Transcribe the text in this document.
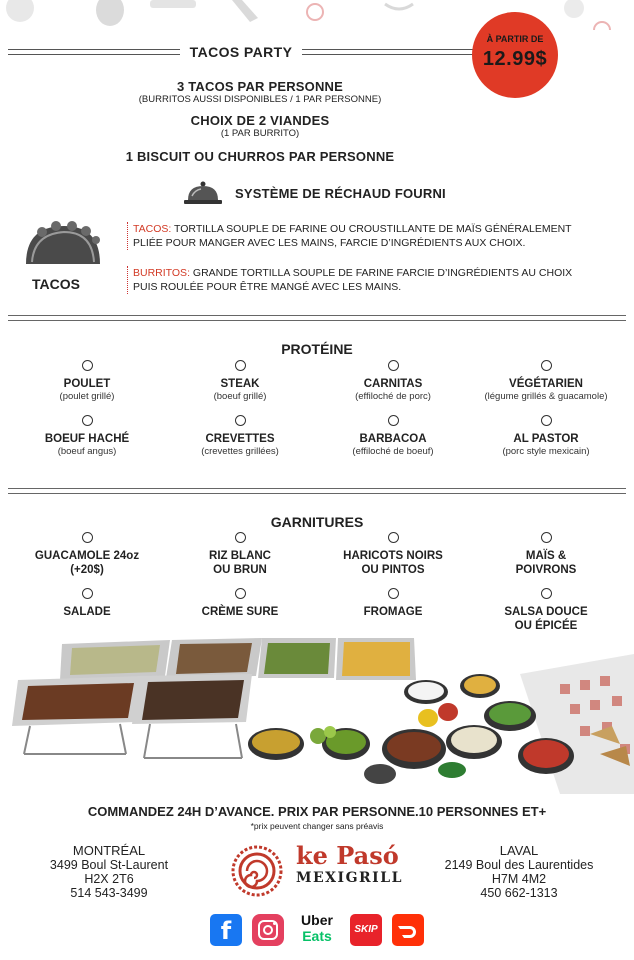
TACOS PARTY
À PARTIR DE
12.99$
3 TACOS PAR PERSONNE
(BURRITOS AUSSI DISPONIBLES / 1 PAR PERSONNE)
CHOIX DE 2 VIANDES
(1 PAR BURRITO)
1 BISCUIT OU CHURROS PAR PERSONNE
SYSTÈME DE RÉCHAUD FOURNI
TACOS
TACOS: TORTILLA SOUPLE DE FARINE OU CROUSTILLANTE DE MAÏS GÉNÉRALEMENT PLIÉE POUR MANGER AVEC LES MAINS, FARCIE D’INGRÉDIENTS AUX CHOIX.
BURRITOS: GRANDE TORTILLA SOUPLE DE FARINE FARCIE D’INGRÉDIENTS AU CHOIX PUIS ROULÉE POUR ÊTRE MANGÉ AVEC LES MAINS.
PROTÉINE
POULET
(poulet grillé)
STEAK
(boeuf grillé)
CARNITAS
(effiloché de porc)
VÉGÉTARIEN
(légume grillés & guacamole)
BOEUF HACHÉ
(boeuf angus)
CREVETTES
(crevettes grillées)
BARBACOA
(effiloché de boeuf)
AL PASTOR
(porc style mexicain)
GARNITURES
GUACAMOLE 24oz
(+20$)
RIZ BLANC
OU BRUN
HARICOTS NOIRS
OU PINTOS
MAÏS &
POIVRONS
SALADE	CRÈME SURE	FROMAGE	SALSA DOUCE
OU ÉPICÉE
COMMANDEZ 24H D’AVANCE. PRIX PAR PERSONNE.10 PERSONNES ET+
*prix peuvent changer sans préavis
MONTRÉAL
3499 Boul St-Laurent
H2X 2T6
514 543-3499
ke Pasó
MEXIGRILL
LAVAL
2149 Boul des Laurentides
H7M 4M2
450 662-1313
f	Uber
Eats	SKIP
